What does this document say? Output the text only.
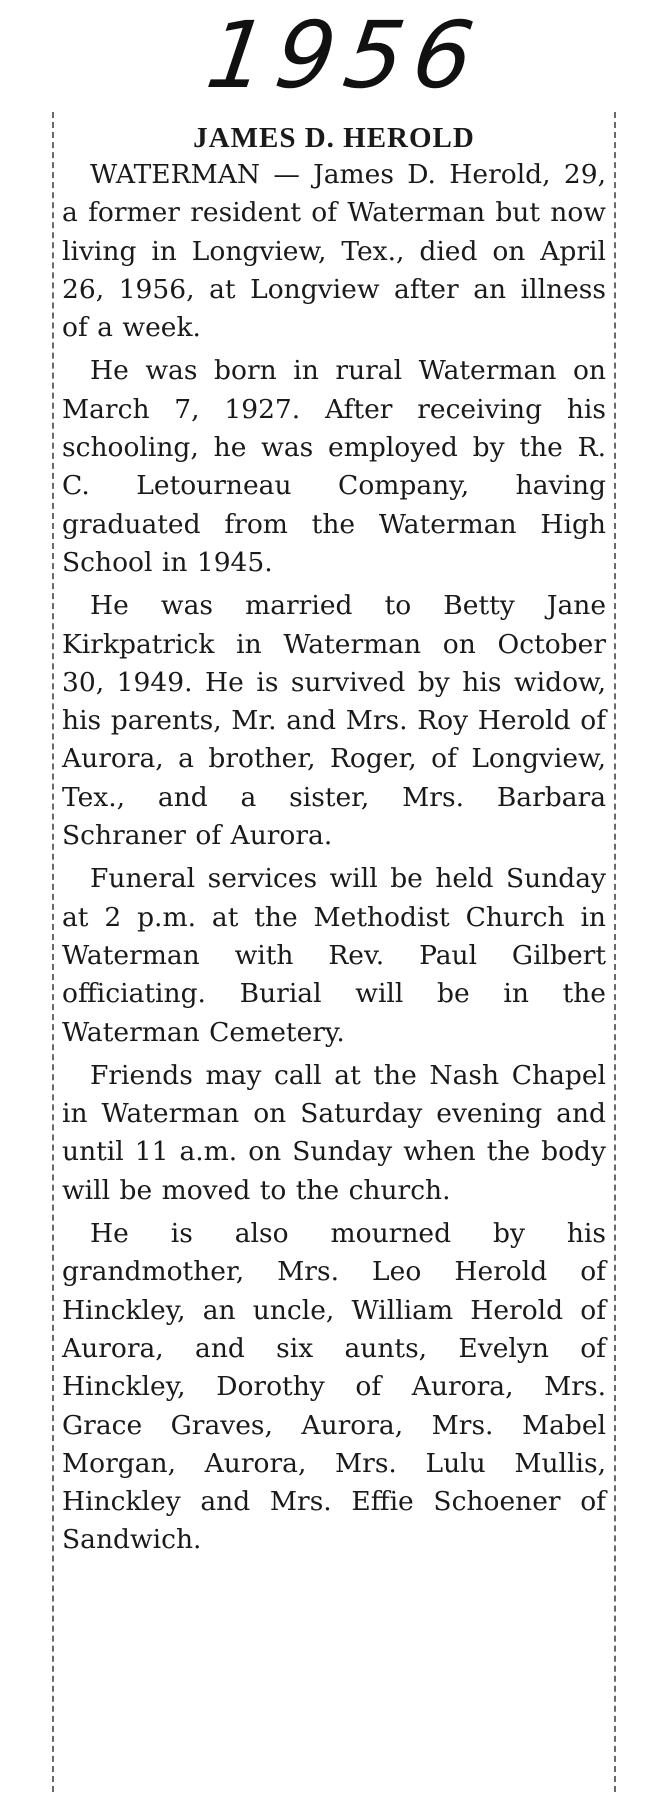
1956
JAMES D. HEROLD

WATERMAN — James D. Herold, 29, a former resident of Waterman but now living in Longview, Tex., died on April 26, 1956, at Longview after an illness of a week.

He was born in rural Waterman on March 7, 1927. After receiving his schooling, he was employed by the R. C. Letourneau Company, having graduated from the Waterman High School in 1945.

He was married to Betty Jane Kirkpatrick in Waterman on October 30, 1949. He is survived by his widow, his parents, Mr. and Mrs. Roy Herold of Aurora, a brother, Roger, of Longview, Tex., and a sister, Mrs. Barbara Schraner of Aurora.

Funeral services will be held Sunday at 2 p.m. at the Methodist Church in Waterman with Rev. Paul Gilbert officiating. Burial will be in the Waterman Cemetery.

Friends may call at the Nash Chapel in Waterman on Saturday evening and until 11 a.m. on Sunday when the body will be moved to the church.

He is also mourned by his grandmother, Mrs. Leo Herold of Hinckley, an uncle, William Herold of Aurora, and six aunts, Evelyn of Hinckley, Dorothy of Aurora, Mrs. Grace Graves, Aurora, Mrs. Mabel Morgan, Aurora, Mrs. Lulu Mullis, Hinckley and Mrs. Effie Schoener of Sandwich.
